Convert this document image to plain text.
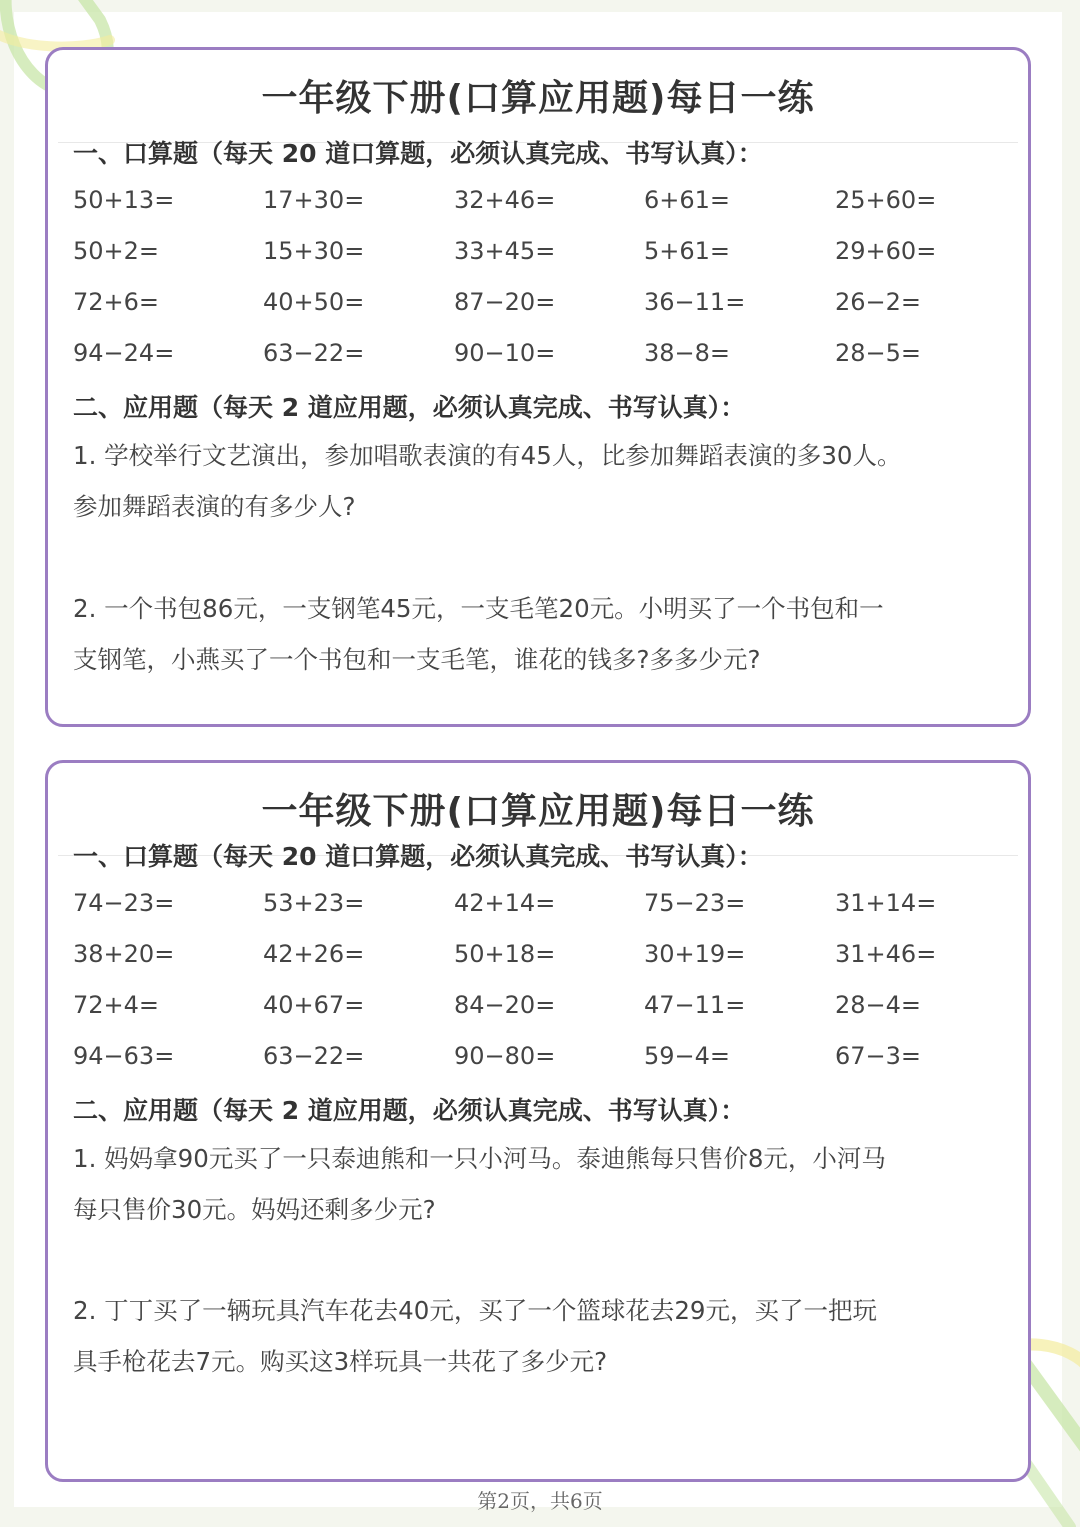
一年级下册(口算应用题)每日一练
一、口算题（每天 20 道口算题，必须认真完成、书写认真）：
50+13=	17+30=	32+46=	6+61=	25+60=
50+2=	15+30=	33+45=	5+61=	29+60=
72+6=	40+50=	87−20=	36−11=	26−2=
94−24=	63−22=	90−10=	38−8=	28−5=
二、应用题（每天 2 道应用题，必须认真完成、书写认真）：
1. 学校举行文艺演出，参加唱歌表演的有45人，比参加舞蹈表演的多30人。
参加舞蹈表演的有多少人?
2. 一个书包86元，一支钢笔45元，一支毛笔20元。小明买了一个书包和一
支钢笔，小燕买了一个书包和一支毛笔，谁花的钱多?多多少元?
一年级下册(口算应用题)每日一练
一、口算题（每天 20 道口算题，必须认真完成、书写认真）：
74−23=	53+23=	42+14=	75−23=	31+14=
38+20=	42+26=	50+18=	30+19=	31+46=
72+4=	40+67=	84−20=	47−11=	28−4=
94−63=	63−22=	90−80=	59−4=	67−3=
二、应用题（每天 2 道应用题，必须认真完成、书写认真）：
1. 妈妈拿90元买了一只泰迪熊和一只小河马。泰迪熊每只售价8元，小河马
每只售价30元。妈妈还剩多少元?
2. 丁丁买了一辆玩具汽车花去40元，买了一个篮球花去29元，买了一把玩
具手枪花去7元。购买这3样玩具一共花了多少元?
第2页，共6页
